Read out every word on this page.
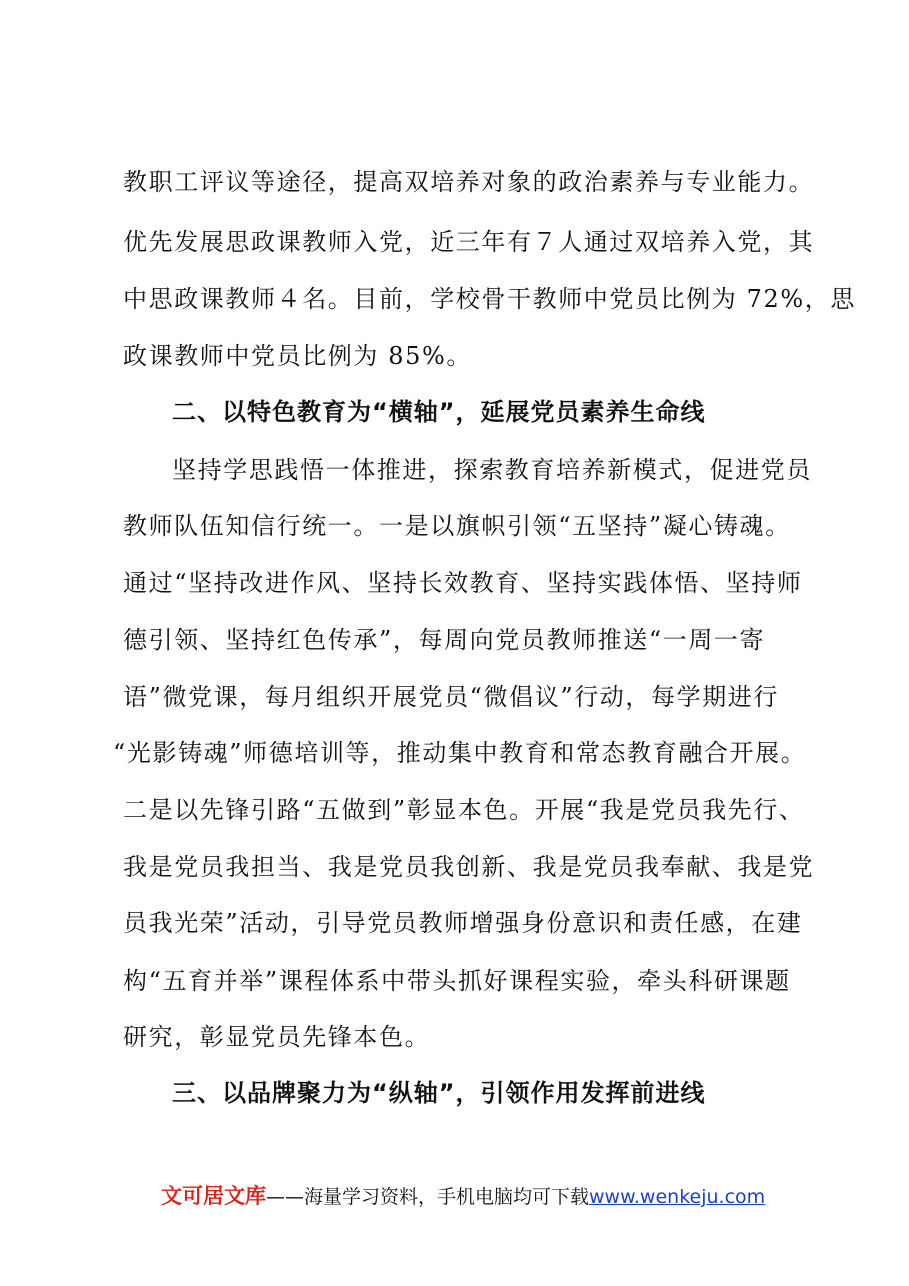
教职工评议等途径，提高双培养对象的政治素养与专业能力。
优先发展思政课教师入党，近三年有７人通过双培养入党，其
中思政课教师４名。目前，学校骨干教师中党员比例为 72%，思
政课教师中党员比例为 85%。
二、以特色教育为“横轴”，延展党员素养生命线
坚持学思践悟一体推进，探索教育培养新模式，促进党员
教师队伍知信行统一。一是以旗帜引领“五坚持”凝心铸魂。
通过“坚持改进作风、坚持长效教育、坚持实践体悟、坚持师
德引领、坚持红色传承”，每周向党员教师推送“一周一寄
语”微党课，每月组织开展党员“微倡议”行动，每学期进行
“光影铸魂”师德培训等，推动集中教育和常态教育融合开展。
二是以先锋引路“五做到”彰显本色。开展“我是党员我先行、
我是党员我担当、我是党员我创新、我是党员我奉献、我是党
员我光荣”活动，引导党员教师增强身份意识和责任感，在建
构“五育并举”课程体系中带头抓好课程实验，牵头科研课题
研究，彰显党员先锋本色。
三、以品牌聚力为“纵轴”，引领作用发挥前进线
文可居文库——海量学习资料，手机电脑均可下载www.wenkeju.com
